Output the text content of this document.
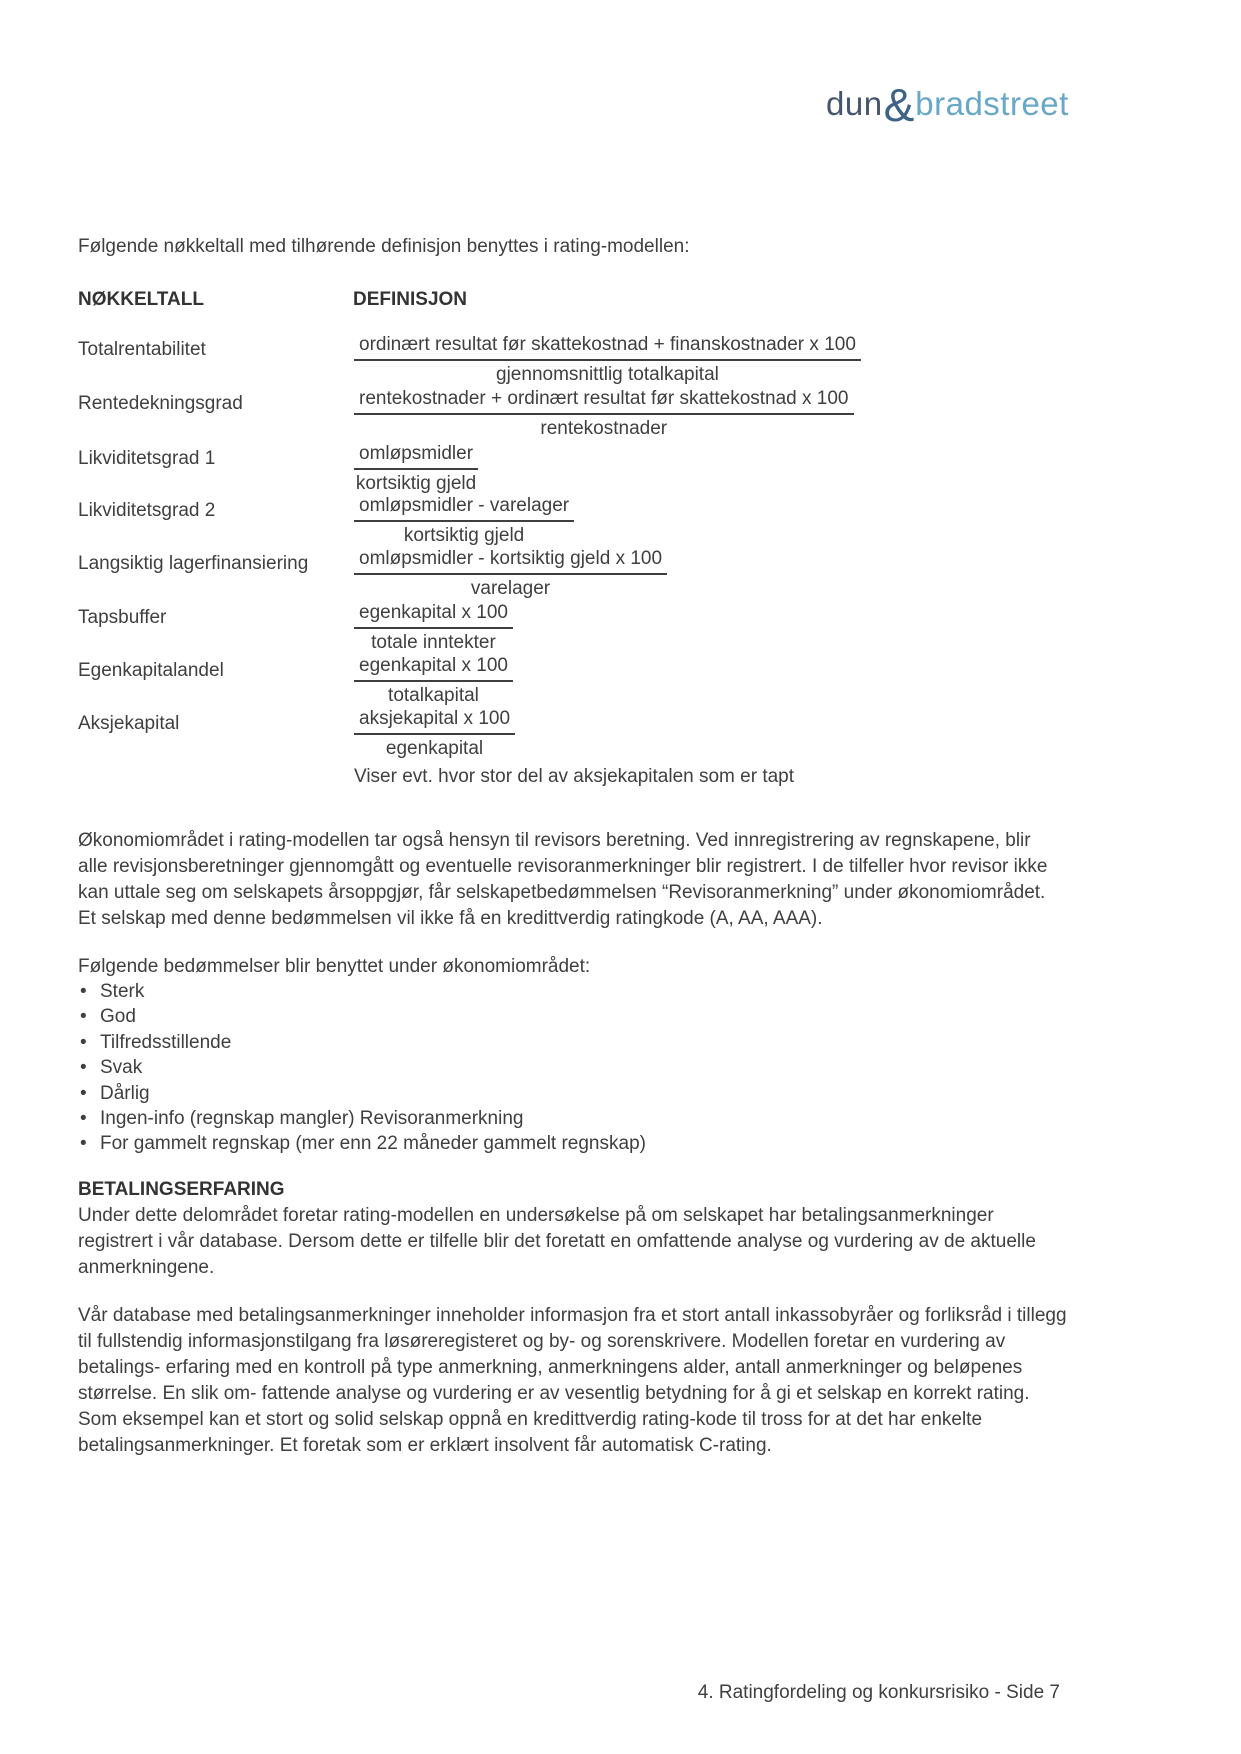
dun&bradstreet
Følgende nøkkeltall med tilhørende definisjon benyttes i rating-modellen:
NØKKELTALL	DEFINISJON
Totalrentabilitet	ordinært resultat før skattekostnad + finanskostnader x 100
gjennomsnittlig totalkapital
Rentedekningsgrad	rentekostnader + ordinært resultat før skattekostnad x 100
rentekostnader
Likviditetsgrad 1	omløpsmidler
kortsiktig gjeld
Likviditetsgrad 2	omløpsmidler - varelager
kortsiktig gjeld
Langsiktig lagerfinansiering	omløpsmidler - kortsiktig gjeld x 100
varelager
Tapsbuffer	egenkapital x 100
totale inntekter
Egenkapitalandel	egenkapital x 100
totalkapital
Aksjekapital	aksjekapital x 100
egenkapital
Viser evt. hvor stor del av aksjekapitalen som er tapt
Økonomiområdet i rating-modellen tar også hensyn til revisors beretning. Ved innregistrering av regnskapene, blir alle revisjonsberetninger gjennomgått og eventuelle revisoranmerkninger blir registrert. I de tilfeller hvor revisor ikke kan uttale seg om selskapets årsoppgjør, får selskapetbedømmelsen “Revisoranmerkning” under økonomiområdet. Et selskap med denne bedømmelsen vil ikke få en kredittverdig ratingkode (A, AA, AAA).
Følgende bedømmelser blir benyttet under økonomiområdet:
• Sterk
• God
• Tilfredsstillende
• Svak
• Dårlig
• Ingen-info (regnskap mangler) Revisoranmerkning
• For gammelt regnskap (mer enn 22 måneder gammelt regnskap)
BETALINGSERFARING
Under dette delområdet foretar rating-modellen en undersøkelse på om selskapet har betalingsanmerkninger registrert i vår database. Dersom dette er tilfelle blir det foretatt en omfattende analyse og vurdering av de aktuelle anmerkningene.
Vår database med betalingsanmerkninger inneholder informasjon fra et stort antall inkassobyråer og forliksråd i tillegg til fullstendig informasjonstilgang fra løsøreregisteret og by- og sorenskrivere. Modellen foretar en vurdering av betalings- erfaring med en kontroll på type anmerkning, anmerkningens alder, antall anmerkninger og beløpenes størrelse. En slik om- fattende analyse og vurdering er av vesentlig betydning for å gi et selskap en korrekt rating. Som eksempel kan et stort og solid selskap oppnå en kredittverdig rating-kode til tross for at det har enkelte betalingsanmerkninger. Et foretak som er erklært insolvent får automatisk C-rating.
4. Ratingfordeling og konkursrisiko - Side 7
